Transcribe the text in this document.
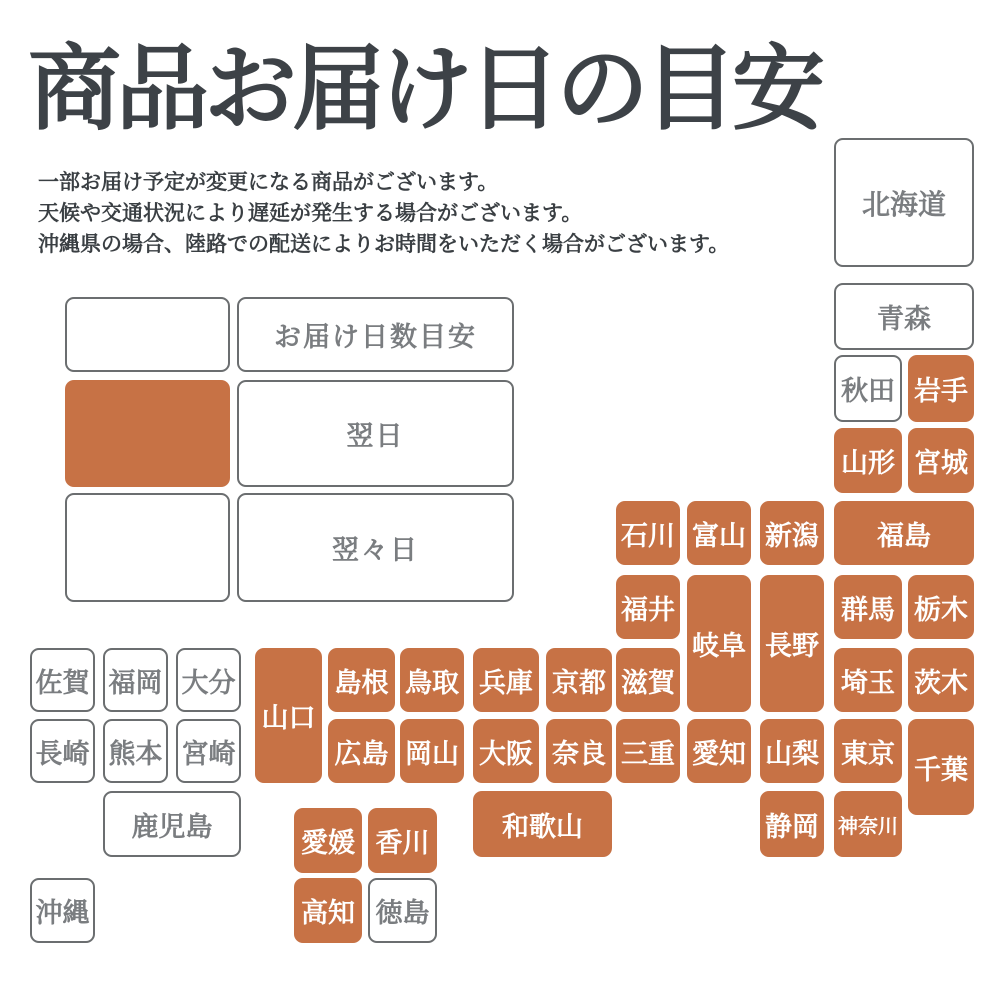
商品お届け日の目安

一部お届け予定が変更になる商品がございます。

天候や交通状況により遅延が発生する場合がございます。

沖縄県の場合、陸路での配送によりお時間をいただく場合がございます。

お届け日数目安
翌日
翌々日
北海道
青森
秋田 岩手
山形 宮城
石川 富山 新潟	福島
福井
岐阜 長野
群馬 栃木
滋賀	埼玉 茨木
佐賀 福岡 大分
山口
島根 鳥取 兵庫 京都
長崎 熊本 宮崎	広島 岡山 大阪 奈良 三重 愛知 山梨 東京
千葉
鹿児島	和歌山	静岡 神奈川
愛媛 香川
沖縄	高知 徳島
